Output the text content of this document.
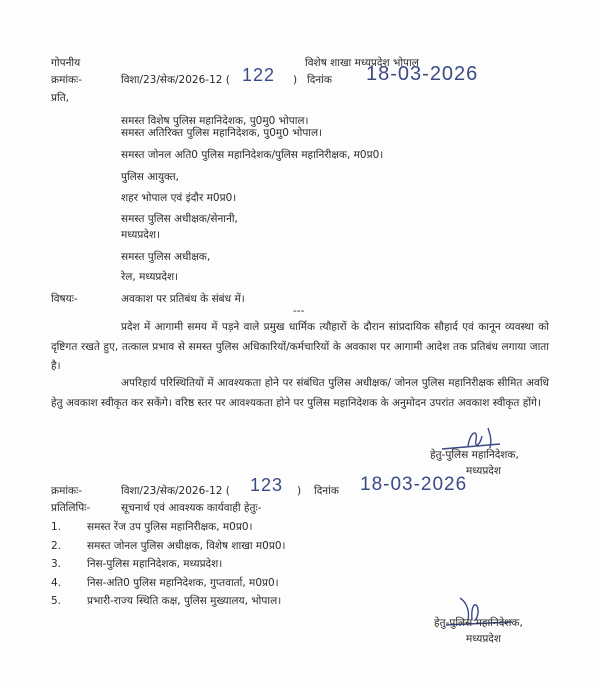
गोपनीय	विशेष शाखा मध्यप्रदेश भोपाल
क्रमांकः-	विशा/23/सेक/2026-12 ( 122 ) दिनांक 18-03-2026
प्रति,
समस्त विशेष पुलिस महानिदेशक, पु0मु0 भोपाल।
समस्त अतिरिक्त पुलिस महानिदेशक, पु0मु0 भोपाल।
समस्त जोनल अति0 पुलिस महानिदेशक/पुलिस महानिरीक्षक, म0प्र0।
पुलिस आयुक्त,
शहर भोपाल एवं इंदौर म0प्र0।
समस्त पुलिस अधीक्षक/सेनानी,
मध्यप्रदेश।
समस्त पुलिस अधीक्षक,
रेल, मध्यप्रदेश।
विषयः-	अवकाश पर प्रतिबंध के संबंध में।
---
प्रदेश में आगामी समय में पड़ने वाले प्रमुख धार्मिक त्यौहारों के दौरान सांप्रदायिक सौहार्द एवं कानून व्यवस्था को दृष्टिगत रखते हुए, तत्काल प्रभाव से समस्त पुलिस अधिकारियों/कर्मचारियों के अवकाश पर आगामी आदेश तक प्रतिबंध लगाया जाता है।
अपरिहार्य परिस्थितियों में आवश्यकता होने पर संबंधित पुलिस अधीक्षक/ जोनल पुलिस महानिरीक्षक सीमित अवधि हेतु अवकाश स्वीकृत कर सकेंगे। वरिष्ठ स्तर पर आवश्यकता होने पर पुलिस महानिदेशक के अनुमोदन उपरांत अवकाश स्वीकृत होंगे।
हेतु-पुलिस महानिदेशक,
मध्यप्रदेश
क्रमांकः-	विशा/23/सेक/2026-12 ( 123 ) दिनांक 18-03-2026
प्रतिलिपिः-	सूचनार्थ एवं आवश्यक कार्यवाही हेतुः-
1. समस्त रेंज उप पुलिस महानिरीक्षक, म0प्र0।
2. समस्त जोनल पुलिस अधीक्षक, विशेष शाखा म0प्र0।
3. निस-पुलिस महानिदेशक, मध्यप्रदेश।
4. निस-अति0 पुलिस महानिदेशक, गुप्तवार्ता, म0प्र0।
5. प्रभारी-राज्य स्थिति कक्ष, पुलिस मुख्यालय, भोपाल।
हेतु-पुलिस महानिदेशक,
मध्यप्रदेश
